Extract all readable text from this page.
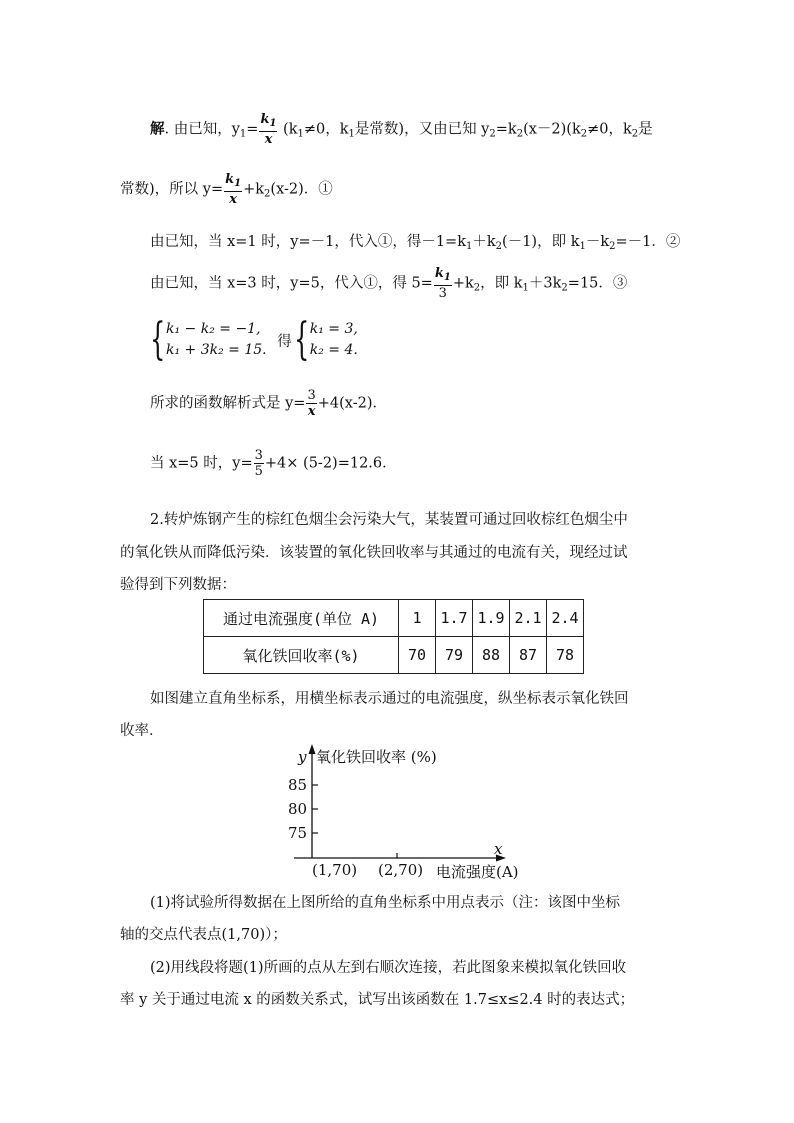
解. 由已知，$y_1= \frac{k_1}{x} (k_1\ne 0$，$k_1$是常数)，又由已知 $y_2=k_2(x-2)(k_2\ne 0$，$k_2$是
常数)，所以 $y= \frac{k_1}{x} +k_2(x-2)$．①
由已知，当 x=1 时，y=－1，代入①，得$-1=k_1+k_2(-1)$，即 $k_1-k_2=-1$．②
由已知，当 x=3 时，y=5，代入①，得 $5= \frac{k_1}{3} +k_2$，即 $k_1+3k_2=15$．③
{ k₁ − k₂ = −1,
k₁ + 3k₂ = 15.
得{ k₁ = 3,
k₂ = 4.
所求的函数解析式是 $y= \frac{3}{x} +4(x-2)$．
当 x=5 时，$y= \frac{3}{5} +4\times (5-2)=12.6$．
2.转炉炼钢产生的棕红色烟尘会污染大气，某装置可通过回收棕红色烟尘中
的氧化铁从而降低污染．该装置的氧化铁回收率与其通过的电流有关，现经过试
验得到下列数据：
通过电流强度(单位 A)	1	1.7	1.9	2.1	2.4
氧化铁回收率(%)	70	79	88	87	78
如图建立直角坐标系，用横坐标表示通过的电流强度，纵坐标表示氧化铁回
收率．
y 氧化铁回收率 (%)
85
80
75
x
(1,70) (2,70) 电流强度(A)
(1)将试验所得数据在上图所给的直角坐标系中用点表示（注：该图中坐标
轴的交点代表点(1,70)）；
(2)用线段将题(1)所画的点从左到右顺次连接，若此图象来模拟氧化铁回收
率 y 关于通过电流 x 的函数关系式，试写出该函数在 1.7≤x≤2.4 时的表达式；
